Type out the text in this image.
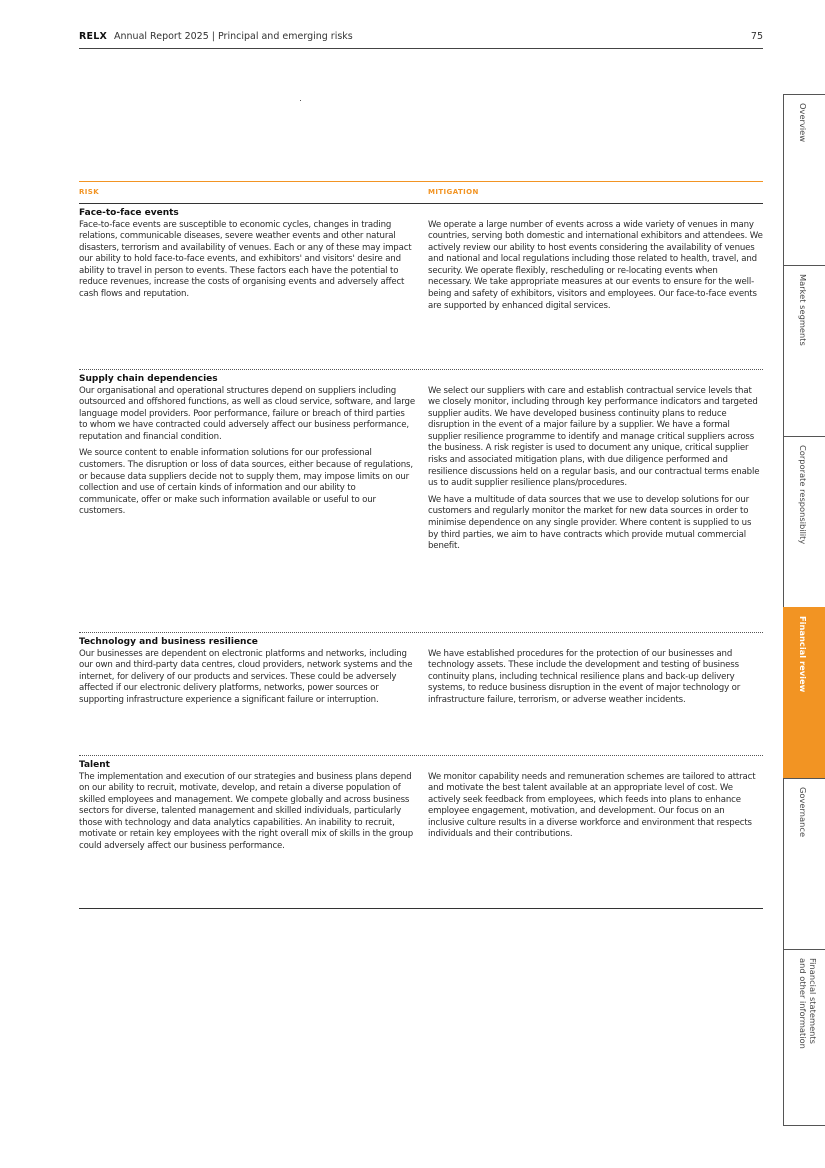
RELX Annual Report 2025 | Principal and emerging risks	75
RISK	MITIGATION
Face-to-face events

Face-to-face events are susceptible to economic cycles, changes in trading relations, communicable diseases, severe weather events and other natural disasters, terrorism and availability of venues. Each or any of these may impact our ability to hold face-to-face events, and exhibitors' and visitors' desire and ability to travel in person to events. These factors each have the potential to reduce revenues, increase the costs of organising events and adversely affect cash flows and reputation.

We operate a large number of events across a wide variety of venues in many countries, serving both domestic and international exhibitors and attendees. We actively review our ability to host events considering the availability of venues and national and local regulations including those related to health, travel, and security. We operate flexibly, rescheduling or re-locating events when necessary. We take appropriate measures at our events to ensure for the well-being and safety of exhibitors, visitors and employees. Our face-to-face events are supported by enhanced digital services.

Supply chain dependencies

Our organisational and operational structures depend on suppliers including outsourced and offshored functions, as well as cloud service, software, and large language model providers. Poor performance, failure or breach of third parties to whom we have contracted could adversely affect our business performance, reputation and financial condition.

We source content to enable information solutions for our professional customers. The disruption or loss of data sources, either because of regulations, or because data suppliers decide not to supply them, may impose limits on our collection and use of certain kinds of information and our ability to communicate, offer or make such information available or useful to our customers.

We select our suppliers with care and establish contractual service levels that we closely monitor, including through key performance indicators and targeted supplier audits. We have developed business continuity plans to reduce disruption in the event of a major failure by a supplier. We have a formal supplier resilience programme to identify and manage critical suppliers across the business. A risk register is used to document any unique, critical supplier risks and associated mitigation plans, with due diligence performed and resilience discussions held on a regular basis, and our contractual terms enable us to audit supplier resilience plans/procedures.

We have a multitude of data sources that we use to develop solutions for our customers and regularly monitor the market for new data sources in order to minimise dependence on any single provider. Where content is supplied to us by third parties, we aim to have contracts which provide mutual commercial benefit.

Technology and business resilience

Our businesses are dependent on electronic platforms and networks, including our own and third-party data centres, cloud providers, network systems and the internet, for delivery of our products and services. These could be adversely affected if our electronic delivery platforms, networks, power sources or supporting infrastructure experience a significant failure or interruption.

We have established procedures for the protection of our businesses and technology assets. These include the development and testing of business continuity plans, including technical resilience plans and back-up delivery systems, to reduce business disruption in the event of major technology or infrastructure failure, terrorism, or adverse weather incidents.

Talent

The implementation and execution of our strategies and business plans depend on our ability to recruit, motivate, develop, and retain a diverse population of skilled employees and management. We compete globally and across business sectors for diverse, talented management and skilled individuals, particularly those with technology and data analytics capabilities. An inability to recruit, motivate or retain key employees with the right overall mix of skills in the group could adversely affect our business performance.

We monitor capability needs and remuneration schemes are tailored to attract and motivate the best talent available at an appropriate level of cost. We actively seek feedback from employees, which feeds into plans to enhance employee engagement, motivation, and development. Our focus on an inclusive culture results in a diverse workforce and environment that respects individuals and their contributions.

Overview
Market segments
Corporate responsibility
Financial review
Governance
Financial statements
and other information
